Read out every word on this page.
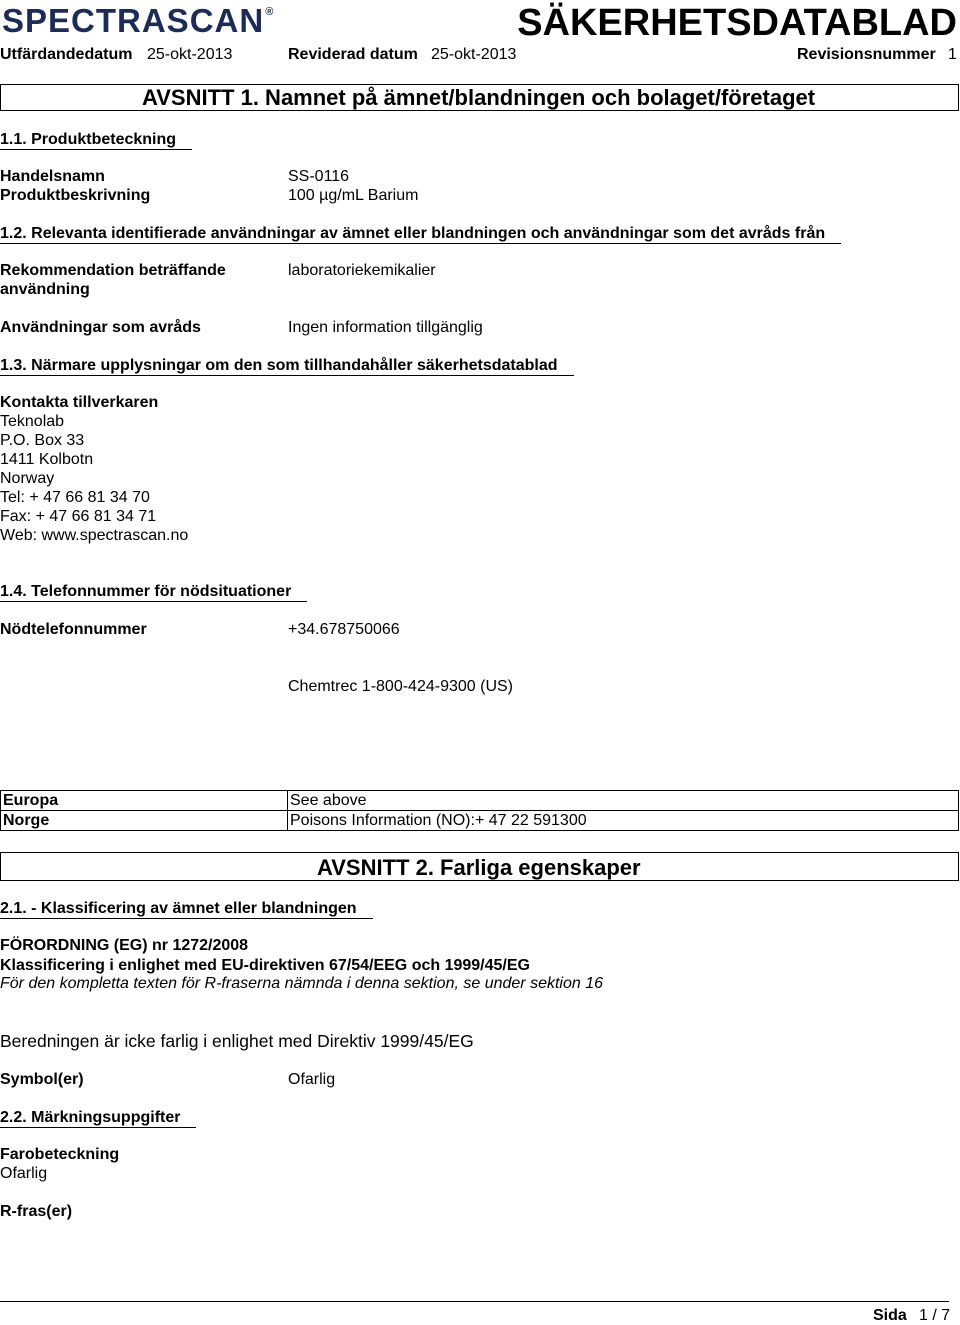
SPECTRASCAN®	SÄKERHETSDATABLAD
Utfärdandedatum 25-okt-2013	Reviderad datum 25-okt-2013	Revisionsnummer 1
AVSNITT 1. Namnet på ämnet/blandningen och bolaget/företaget
1.1. Produktbeteckning
Handelsnamn	SS-0116
Produktbeskrivning	100 µg/mL Barium
1.2. Relevanta identifierade användningar av ämnet eller blandningen och användningar som det avråds från
Rekommendation beträffande
användning
laboratoriekemikalier
Användningar som avråds	Ingen information tillgänglig
1.3. Närmare upplysningar om den som tillhandahåller säkerhetsdatablad
Kontakta tillverkaren
Teknolab
P.O. Box 33
1411 Kolbotn
Norway
Tel: + 47 66 81 34 70
Fax: + 47 66 81 34 71
Web: www.spectrascan.no
1.4. Telefonnummer för nödsituationer
Nödtelefonnummer	+34.678750066
Chemtrec 1-800-424-9300 (US)
Europa	See above
Norge	Poisons Information (NO):+ 47 22 591300
AVSNITT 2. Farliga egenskaper
2.1. - Klassificering av ämnet eller blandningen
FÖRORDNING (EG) nr 1272/2008
Klassificering i enlighet med EU-direktiven 67/54/EEG och 1999/45/EG
För den kompletta texten för R-fraserna nämnda i denna sektion, se under sektion 16
Beredningen är icke farlig i enlighet med Direktiv 1999/45/EG
Symbol(er)	Ofarlig
2.2. Märkningsuppgifter
Farobeteckning
Ofarlig
R-fras(er)
Sida 1 / 7
